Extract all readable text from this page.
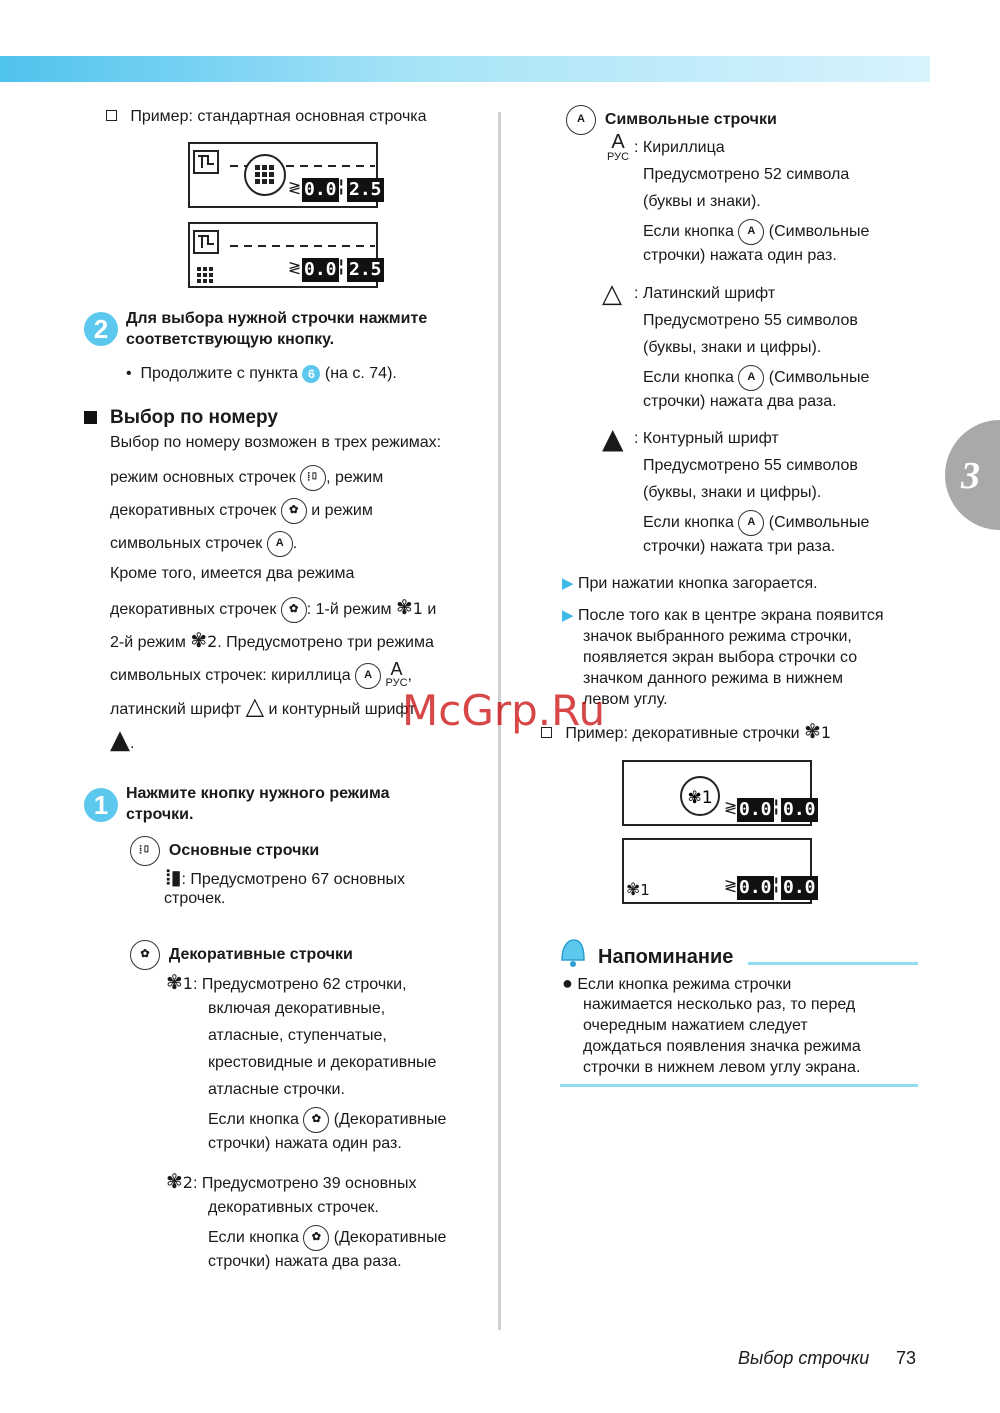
3
Пример: стандартная основная строчка
≷ 0.0 ¦ 2.5
≷ 0.0 ¦ 2.5
2	Для выбора нужной строчки нажмите
соответствующую кнопку.
•  Продолжите с пункта 6 (на с. 74).
Выбор по номеру
Выбор по номеру возможен в трех режимах:
режим основных строчек ⦙▯ , режим
декоративных строчек ✿ и режим
символьных строчек A .
Кроме того, имеется два режима
декоративных строчек ✿ : 1-й режим ✾1 и
2-й режим ✾2. Предусмотрено три режима
символьных строчек: кириллица A A
РУС,
латинский шрифт △ и контурный шрифт
▲.
1	Нажмите кнопку нужного режима
строчки.
⦙▯ Основные строчки
⦙▮: Предусмотрено 67 основных
строчек.
✿ Декоративные строчки
✾1: Предусмотрено 62 строчки,
включая декоративные,
атласные, ступенчатые,
крестовидные и декоративные
атласные строчки.
Если кнопка ✿ (Декоративные
строчки) нажата один раз.
✾2: Предусмотрено 39 основных
декоративных строчек.
Если кнопка ✿ (Декоративные
строчки) нажата два раза.
A Символьные строчки
A
РУС
: Кириллица
Предусмотрено 52 символа
(буквы и знаки).
Если кнопка A (Символьные
строчки) нажата один раз.
△ : Латинский шрифт
Предусмотрено 55 символов
(буквы, знаки и цифры).
Если кнопка A (Символьные
строчки) нажата два раза.
▲ : Контурный шрифт
Предусмотрено 55 символов
(буквы, знаки и цифры).
Если кнопка A (Символьные
строчки) нажата три раза.
▶ При нажатии кнопка загорается.
▶ После того как в центре экрана появится
значок выбранного режима строчки,
появляется экран выбора строчки со
значком данного режима в нижнем
левом углу.
Пример: декоративные строчки ✾1
✾1 ≷ 0.0 ¦ 0.0
✾1	≷ 0.0 ¦ 0.0
Напоминание
● Если кнопка режима строчки
нажимается несколько раз, то перед
очередным нажатием следует
дождаться появления значка режима
строчки в нижнем левом углу экрана.
McGrp.Ru
Выбор строчки 73
